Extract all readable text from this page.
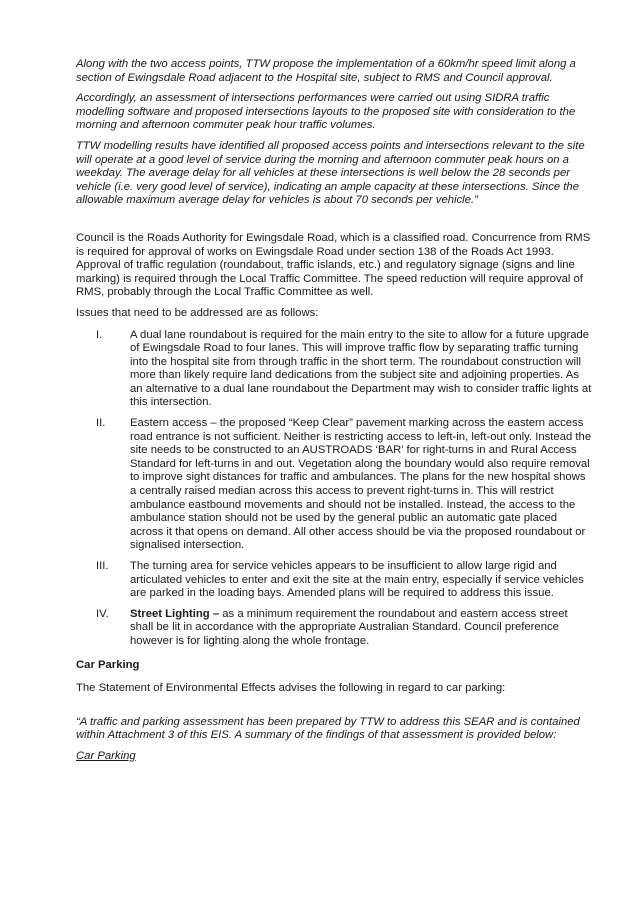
Along with the two access points, TTW propose the implementation of a 60km/hr speed limit along a section of Ewingsdale Road adjacent to the Hospital site, subject to RMS and Council approval.

Accordingly, an assessment of intersections performances were carried out using SIDRA traffic modelling software and proposed intersections layouts to the proposed site with consideration to the morning and afternoon commuter peak hour traffic volumes.

TTW modelling results have identified all proposed access points and intersections relevant to the site will operate at a good level of service during the morning and afternoon commuter peak hours on a weekday. The average delay for all vehicles at these intersections is well below the 28 seconds per vehicle (i.e. very good level of service), indicating an ample capacity at these intersections. Since the allowable maximum average delay for vehicles is about 70 seconds per vehicle.”

Council is the Roads Authority for Ewingsdale Road, which is a classified road. Concurrence from RMS is required for approval of works on Ewingsdale Road under section 138 of the Roads Act 1993. Approval of traffic regulation (roundabout, traffic islands, etc.) and regulatory signage (signs and line marking) is required through the Local Traffic Committee. The speed reduction will require approval of RMS, probably through the Local Traffic Committee as well.

Issues that need to be addressed are as follows:

I. A dual lane roundabout is required for the main entry to the site to allow for a future upgrade of Ewingsdale Road to four lanes. This will improve traffic flow by separating traffic turning into the hospital site from through traffic in the short term. The roundabout construction will more than likely require land dedications from the subject site and adjoining properties. As an alternative to a dual lane roundabout the Department may wish to consider traffic lights at this intersection.
II. Eastern access – the proposed “Keep Clear” pavement marking across the eastern access road entrance is not sufficient. Neither is restricting access to left-in, left-out only. Instead the site needs to be constructed to an AUSTROADS ‘BAR’ for right-turns in and Rural Access Standard for left-turns in and out. Vegetation along the boundary would also require removal to improve sight distances for traffic and ambulances. The plans for the new hospital shows a centrally raised median across this access to prevent right-turns in. This will restrict ambulance eastbound movements and should not be installed. Instead, the access to the ambulance station should not be used by the general public an automatic gate placed across it that opens on demand. All other access should be via the proposed roundabout or signalised intersection.
III. The turning area for service vehicles appears to be insufficient to allow large rigid and articulated vehicles to enter and exit the site at the main entry, especially if service vehicles are parked in the loading bays. Amended plans will be required to address this issue.
IV. Street Lighting – as a minimum requirement the roundabout and eastern access street shall be lit in accordance with the appropriate Australian Standard. Council preference however is for lighting along the whole frontage.

Car Parking

The Statement of Environmental Effects advises the following in regard to car parking:

“A traffic and parking assessment has been prepared by TTW to address this SEAR and is contained within Attachment 3 of this EIS. A summary of the findings of that assessment is provided below:

Car Parking
